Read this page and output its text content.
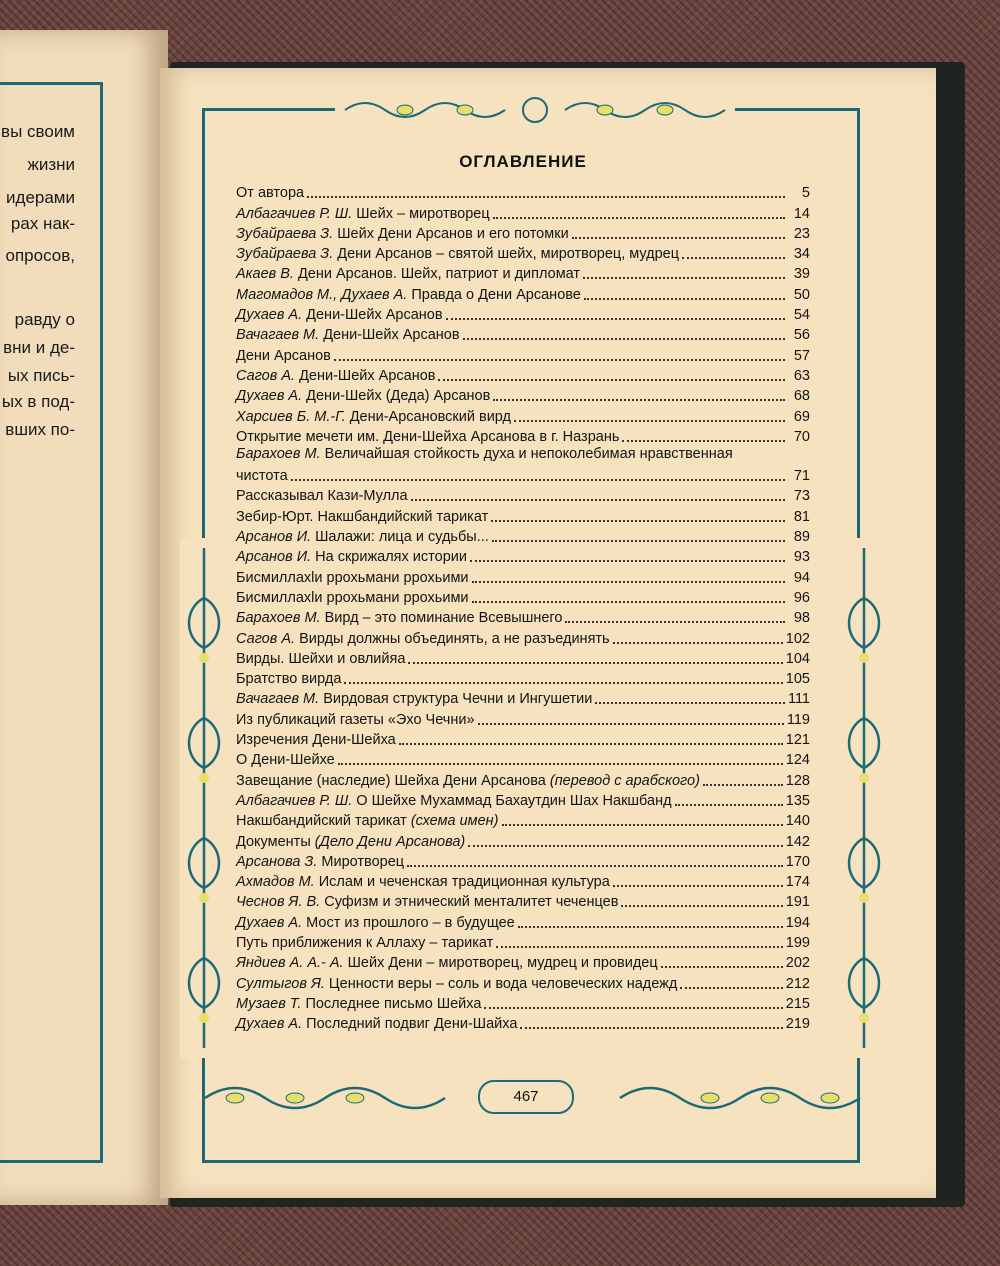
вы своим
жизни
идерами
рах нак-
опросов,
равду о
вни и де-
ых пись-
ых в под-
вших по-
ОГЛАВЛЕНИЕ
От автора	5
Албагачиев Р. Ш. Шейх – миротворец	14
Зубайраева З. Шейх Дени Арсанов и его потомки	23
Зубайраева З. Дени Арсанов – святой шейх, миротворец, мудрец	34
Акаев В. Дени Арсанов. Шейх, патриот и дипломат	39
Магомадов М., Духаев А. Правда о Дени Арсанове	50
Духаев А. Дени-Шейх Арсанов	54
Вачагаев М. Дени-Шейх Арсанов	56
Дени Арсанов	57
Сагов А. Дени-Шейх Арсанов	63
Духаев А. Дени-Шейх (Деда) Арсанов	68
Харсиев Б. М.-Г. Дени-Арсановский вирд	69
Открытие мечети им. Дени-Шейха Арсанова в г. Назрань	70
Барахоев М. Величайшая стойкость духа и непоколебимая нравственная
чистота	71
Рассказывал Кази-Мулла	73
Зебир-Юрт. Накшбандийский тарикат	81
Арсанов И. Шалажи: лица и судьбы...	89
Арсанов И. На скрижалях истории	93
Бисмиллахlи ррохьмани ррохьими	94
Бисмиллахlи ррохьмани ррохьими	96
Барахоев М. Вирд – это поминание Всевышнего	98
Сагов А. Вирды должны объединять, а не разъединять	102
Вирды. Шейхи и овлийяа	104
Братство вирда	105
Вачагаев М. Вирдовая структура Чечни и Ингушетии	111
Из публикаций газеты «Эхо Чечни»	119
Изречения Дени-Шейха	121
О Дени-Шейхе	124
Завещание (наследие) Шейха Дени Арсанова (перевод с арабского)	128
Албагачиев Р. Ш. О Шейхе Мухаммад Бахаутдин Шах Накшбанд	135
Накшбандийский тарикат (схема имен)	140
Документы (Дело Дени Арсанова)	142
Арсанова З. Миротворец	170
Ахмадов М. Ислам и чеченская традиционная культура	174
Чеснов Я. В. Суфизм и этнический менталитет чеченцев	191
Духаев А. Мост из прошлого – в будущее	194
Путь приближения к Аллаху – тарикат	199
Яндиев А. А.- А. Шейх Дени – миротворец, мудрец и провидец	202
Султыгов Я. Ценности веры – соль и вода человеческих надежд	212
Музаев Т. Последнее письмо Шейха	215
Духаев А. Последний подвиг Дени-Шайха	219
467
